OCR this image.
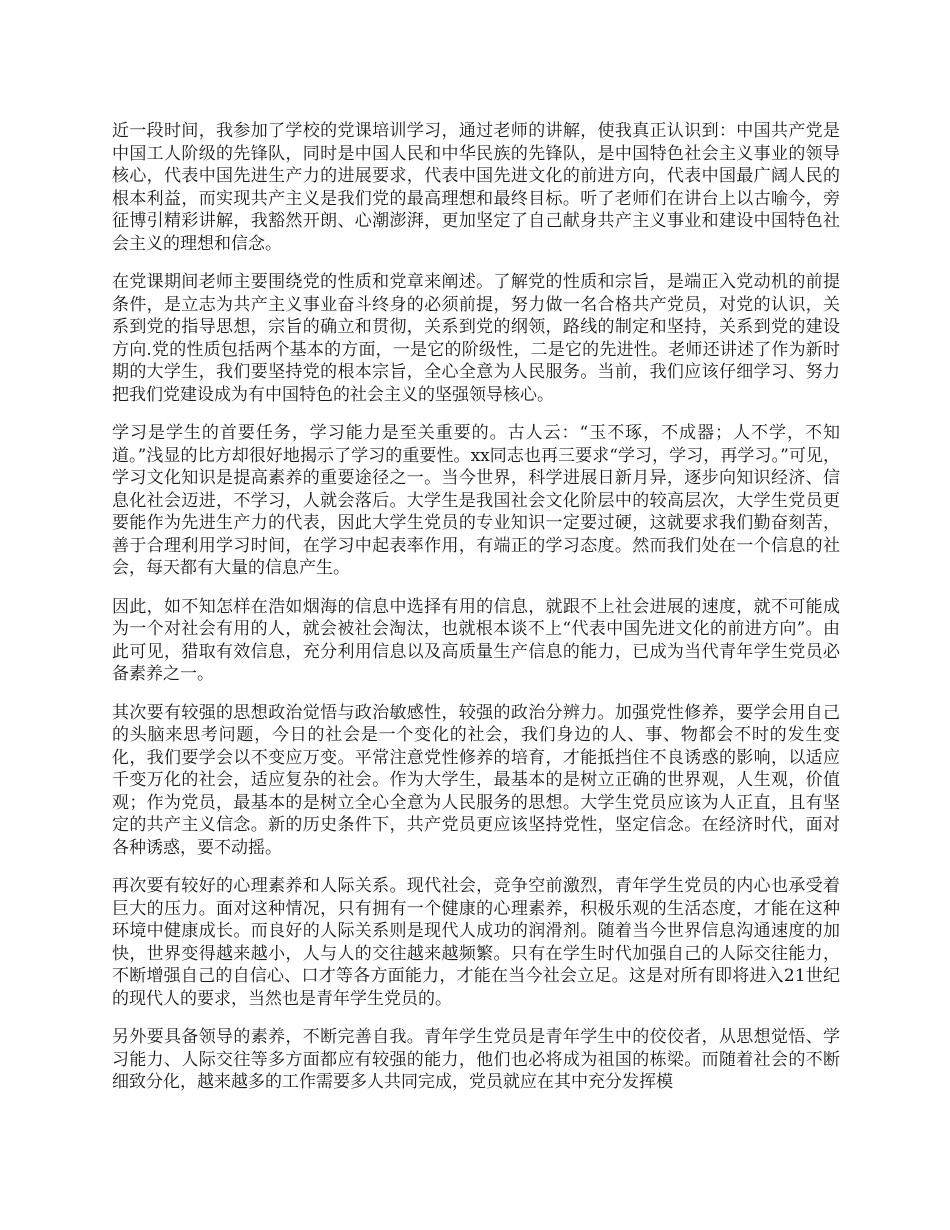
近一段时间，我参加了学校的党课培训学习，通过老师的讲解，使我真正认识到：中国共产党是中国工人阶级的先锋队，同时是中国人民和中华民族的先锋队，是中国特色社会主义事业的领导核心，代表中国先进生产力的进展要求，代表中国先进文化的前进方向，代表中国最广阔人民的根本利益，而实现共产主义是我们党的最高理想和最终目标。听了老师们在讲台上以古喻今，旁征博引精彩讲解，我豁然开朗、心潮澎湃，更加坚定了自己献身共产主义事业和建设中国特色社会主义的理想和信念。

在党课期间老师主要围绕党的性质和党章来阐述。了解党的性质和宗旨，是端正入党动机的前提条件，是立志为共产主义事业奋斗终身的必须前提，努力做一名合格共产党员，对党的认识，关系到党的指导思想，宗旨的确立和贯彻，关系到党的纲领，路线的制定和坚持，关系到党的建设方向.党的性质包括两个基本的方面，一是它的阶级性，二是它的先进性。老师还讲述了作为新时期的大学生，我们要坚持党的根本宗旨，全心全意为人民服务。当前，我们应该仔细学习、努力把我们党建设成为有中国特色的社会主义的坚强领导核心。

学习是学生的首要任务，学习能力是至关重要的。古人云：“玉不琢，不成器；人不学，不知道。”浅显的比方却很好地揭示了学习的重要性。xx同志也再三要求“学习，学习，再学习。”可见，学习文化知识是提高素养的重要途径之一。当今世界，科学进展日新月异，逐步向知识经济、信息化社会迈进，不学习，人就会落后。大学生是我国社会文化阶层中的较高层次，大学生党员更要能作为先进生产力的代表，因此大学生党员的专业知识一定要过硬，这就要求我们勤奋刻苦，善于合理利用学习时间，在学习中起表率作用，有端正的学习态度。然而我们处在一个信息的社会，每天都有大量的信息产生。

因此，如不知怎样在浩如烟海的信息中选择有用的信息，就跟不上社会进展的速度，就不可能成为一个对社会有用的人，就会被社会淘汰，也就根本谈不上“代表中国先进文化的前进方向”。由此可见，猎取有效信息，充分利用信息以及高质量生产信息的能力，已成为当代青年学生党员必备素养之一。

其次要有较强的思想政治觉悟与政治敏感性，较强的政治分辨力。加强党性修养，要学会用自己的头脑来思考问题，今日的社会是一个变化的社会，我们身边的人、事、物都会不时的发生变化，我们要学会以不变应万变。平常注意党性修养的培育，才能抵挡住不良诱惑的影响，以适应千变万化的社会，适应复杂的社会。作为大学生，最基本的是树立正确的世界观，人生观，价值观；作为党员，最基本的是树立全心全意为人民服务的思想。大学生党员应该为人正直，且有坚定的共产主义信念。新的历史条件下，共产党员更应该坚持党性，坚定信念。在经济时代，面对各种诱惑，要不动摇。

再次要有较好的心理素养和人际关系。现代社会，竞争空前激烈，青年学生党员的内心也承受着巨大的压力。面对这种情况，只有拥有一个健康的心理素养，积极乐观的生活态度，才能在这种环境中健康成长。而良好的人际关系则是现代人成功的润滑剂。随着当今世界信息沟通速度的加快，世界变得越来越小，人与人的交往越来越频繁。只有在学生时代加强自己的人际交往能力，不断增强自己的自信心、口才等各方面能力，才能在当今社会立足。这是对所有即将进入21世纪的现代人的要求，当然也是青年学生党员的。

另外要具备领导的素养，不断完善自我。青年学生党员是青年学生中的佼佼者，从思想觉悟、学习能力、人际交往等多方面都应有较强的能力，他们也必将成为祖国的栋梁。而随着社会的不断细致分化，越来越多的工作需要多人共同完成，党员就应在其中充分发挥模
